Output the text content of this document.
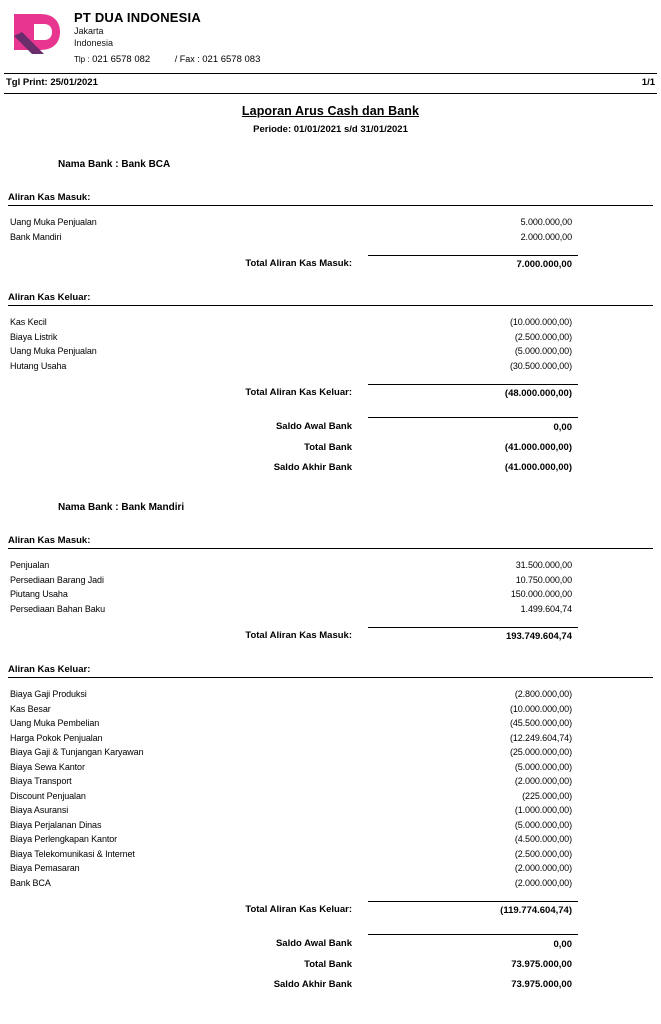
PT DUA INDONESIA
Jakarta
Indonesia
Tlp : 021 6578 082	/ Fax : 021 6578 083
Tgl Print: 25/01/2021	1/1
Laporan Arus Cash dan Bank
Periode: 01/01/2021 s/d 31/01/2021
Nama Bank : Bank BCA
Aliran Kas Masuk:
Uang Muka Penjualan	5.000.000,00
Bank Mandiri	2.000.000,00
Total Aliran Kas Masuk:	7.000.000,00
Aliran Kas Keluar:
Kas Kecil	(10.000.000,00)
Biaya Listrik	(2.500.000,00)
Uang Muka Penjualan	(5.000.000,00)
Hutang Usaha	(30.500.000,00)
Total Aliran Kas Keluar:	(48.000.000,00)
Saldo Awal Bank	0,00
Total Bank	(41.000.000,00)
Saldo Akhir Bank	(41.000.000,00)
Nama Bank : Bank Mandiri
Aliran Kas Masuk:
Penjualan	31.500.000,00
Persediaan Barang Jadi	10.750.000,00
Piutang Usaha	150.000.000,00
Persediaan Bahan Baku	1.499.604,74
Total Aliran Kas Masuk:	193.749.604,74
Aliran Kas Keluar:
Biaya Gaji Produksi	(2.800.000,00)
Kas Besar	(10.000.000,00)
Uang Muka Pembelian	(45.500.000,00)
Harga Pokok Penjualan	(12.249.604,74)
Biaya Gaji & Tunjangan Karyawan	(25.000.000,00)
Biaya Sewa Kantor	(5.000.000,00)
Biaya Transport	(2.000.000,00)
Discount Penjualan	(225.000,00)
Biaya Asuransi	(1.000.000,00)
Biaya Perjalanan Dinas	(5.000.000,00)
Biaya Perlengkapan Kantor	(4.500.000,00)
Biaya Telekomunikasi & Internet	(2.500.000,00)
Biaya Pemasaran	(2.000.000,00)
Bank BCA	(2.000.000,00)
Total Aliran Kas Keluar:	(119.774.604,74)
Saldo Awal Bank	0,00
Total Bank	73.975.000,00
Saldo Akhir Bank	73.975.000,00
